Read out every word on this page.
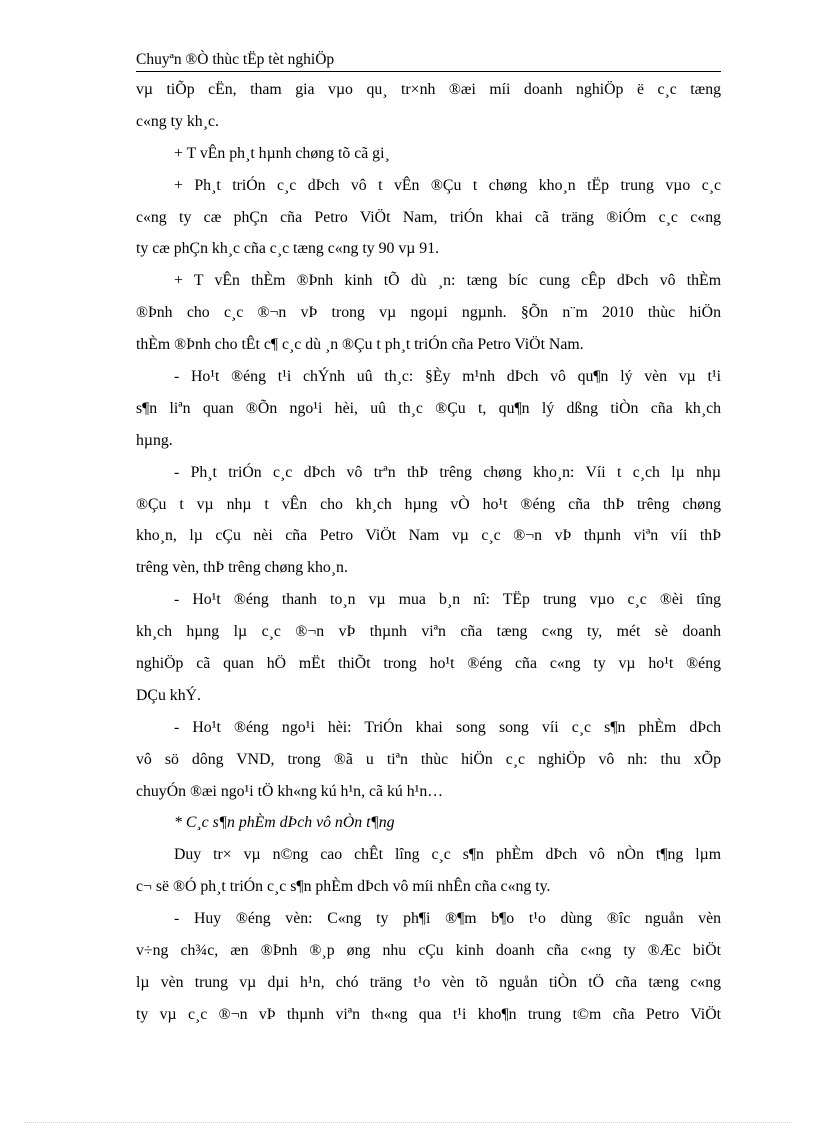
Chuyªn ®Ò thùc tËp tèt nghiÖp
vµ tiÕp cËn, tham gia vµo qu¸ tr×nh ®æi míi doanh nghiÖp ë c¸c tæng
c«ng ty kh¸c.
+ T vÊn ph¸t hµnh chøng tõ cã gi¸
+ Ph¸t triÓn c¸c dÞch vô t vÊn ®Çu t chøng kho¸n tËp trung vµo c¸c
c«ng ty cæ phÇn cña Petro ViÖt Nam, triÓn khai cã träng ®iÓm c¸c c«ng
ty cæ phÇn kh¸c cña c¸c tæng c«ng ty 90 vµ 91.
+ T vÊn thÈm ®Þnh kinh tÕ dù ¸n: tæng bíc cung cÊp dÞch vô thÈm
®Þnh cho c¸c ®¬n vÞ trong vµ ngoµi ngµnh. §Õn n¨m 2010 thùc hiÖn
thÈm ®Þnh cho tÊt c¶ c¸c dù ¸n ®Çu t ph¸t triÓn cña Petro ViÖt Nam.
- Ho¹t ®éng t¹i chÝnh uû th¸c: §Èy m¹nh dÞch vô qu¶n lý vèn vµ t¹i
s¶n liªn quan ®Õn ngo¹i hèi, uû th¸c ®Çu t, qu¶n lý dßng tiÒn cña kh¸ch
hµng.
- Ph¸t triÓn c¸c dÞch vô trªn thÞ trêng chøng kho¸n: Víi t c¸ch lµ nhµ
®Çu t vµ nhµ t vÊn cho kh¸ch hµng vÒ ho¹t ®éng cña thÞ trêng chøng
kho¸n, lµ cÇu nèi cña Petro ViÖt Nam vµ c¸c ®¬n vÞ thµnh viªn víi thÞ
trêng vèn, thÞ trêng chøng kho¸n.
- Ho¹t ®éng thanh to¸n vµ mua b¸n nî: TËp trung vµo c¸c ®èi tîng
kh¸ch hµng lµ c¸c ®¬n vÞ thµnh viªn cña tæng c«ng ty, mét sè doanh
nghiÖp cã quan hÖ mËt thiÕt trong ho¹t ®éng cña c«ng ty vµ ho¹t ®éng
DÇu khÝ.
- Ho¹t ®éng ngo¹i hèi: TriÓn khai song song víi c¸c s¶n phÈm dÞch
vô sö dông VND, trong ®ã u tiªn thùc hiÖn c¸c nghiÖp vô nh: thu xÕp
chuyÓn ®æi ngo¹i tÖ kh«ng kú h¹n, cã kú h¹n…
* C¸c s¶n phÈm dÞch vô nÒn t¶ng
Duy tr× vµ n©ng cao chÊt lîng c¸c s¶n phÈm dÞch vô nÒn t¶ng lµm
c¬ së ®Ó ph¸t triÓn c¸c s¶n phÈm dÞch vô míi nhÊn cña c«ng ty.
- Huy ®éng vèn: C«ng ty ph¶i ®¶m b¶o t¹o dùng ®îc nguån vèn
v÷ng ch¾c, æn ®Þnh ®¸p øng nhu cÇu kinh doanh cña c«ng ty ®Æc biÖt
lµ vèn trung vµ dµi h¹n, chó träng t¹o vèn tõ nguån tiÒn tÖ cña tæng c«ng
ty vµ c¸c ®¬n vÞ thµnh viªn th«ng qua t¹i kho¶n trung t©m cña Petro ViÖt
